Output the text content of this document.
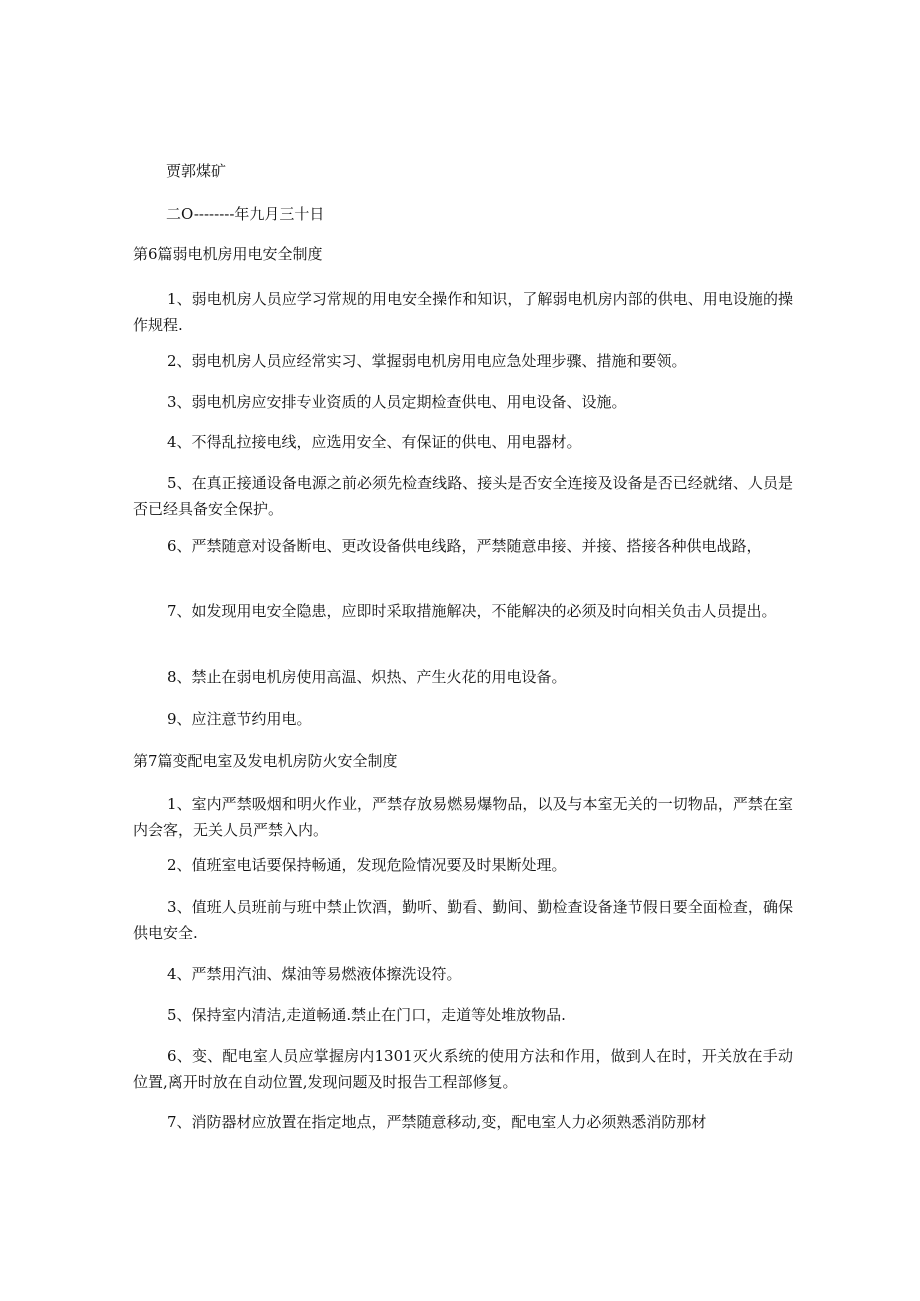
贾郭煤矿

二O--------年九月三十日

第6篇弱电机房用电安全制度

1、弱电机房人员应学习常规的用电安全操作和知识，了解弱电机房内部的供电、用电设施的操作规程.

2、弱电机房人员应经常实习、掌握弱电机房用电应急处理步骤、措施和要领。

3、弱电机房应安排专业资质的人员定期检查供电、用电设备、设施。

4、不得乱拉接电线，应选用安全、有保证的供电、用电器材。

5、在真正接通设备电源之前必须先检查线路、接头是否安全连接及设备是否已经就绪、人员是否已经具备安全保护。

6、严禁随意对设备断电、更改设备供电线路，严禁随意串接、并接、搭接各种供电战路，

7、如发现用电安全隐患，应即时采取措施解决，不能解决的必须及时向相关负击人员提出。

8、禁止在弱电机房使用高温、炽热、产生火花的用电设备。

9、应注意节约用电。

第7篇变配电室及发电机房防火安全制度

1、室内严禁吸烟和明火作业，严禁存放易燃易爆物品，以及与本室无关的一切物品，严禁在室内会客，无关人员严禁入内。

2、值班室电话要保持畅通，发现危险情况要及时果断处理。

3、值班人员班前与班中禁止饮酒，勤听、勤看、勤间、勤检查设备逢节假日要全面检查，确保供电安全.

4、严禁用汽油、煤油等易燃液体擦洗设符。

5、保持室内清洁,走道畅通.禁止在门口，走道等处堆放物品.

6、变、配电室人员应掌握房内1301灭火系统的使用方法和作用，做到人在时，开关放在手动位置,离开时放在自动位置,发现问题及时报告工程部修复。

7、消防器材应放置在指定地点，严禁随意移动,变，配电室人力必须熟悉消防那材
